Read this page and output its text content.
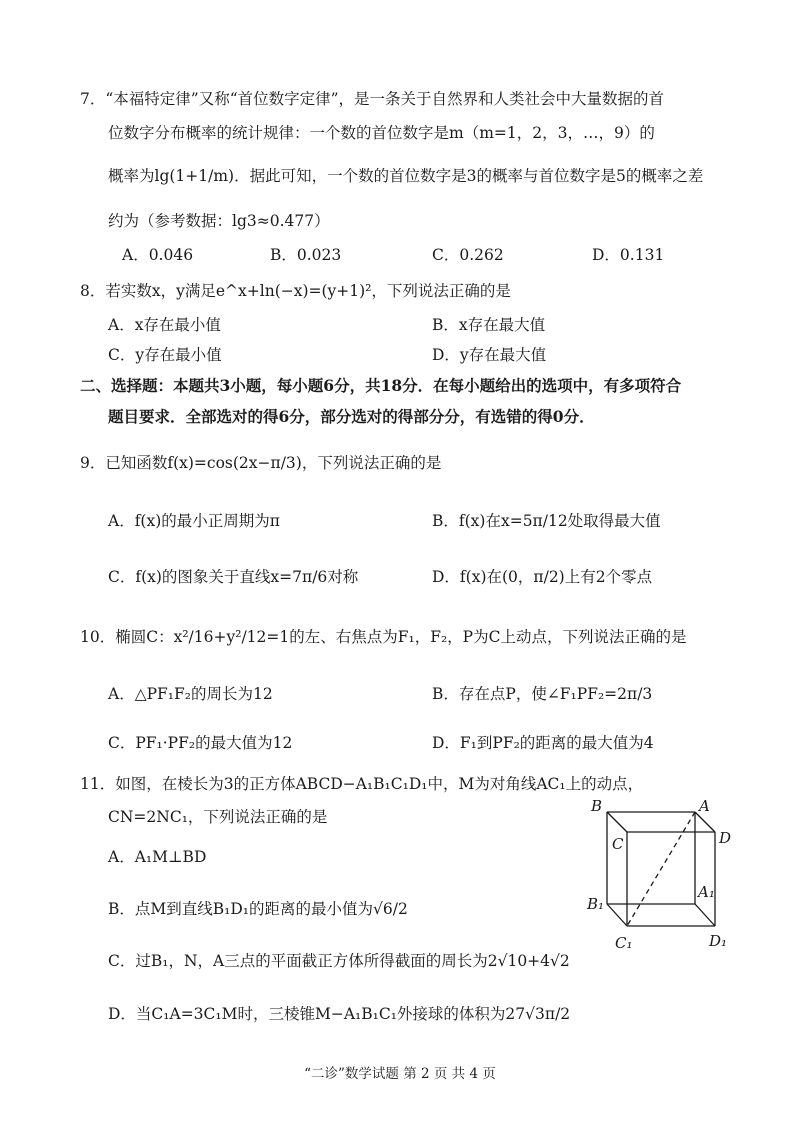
7．“本福特定律”又称“首位数字定律”，是一条关于自然界和人类社会中大量数据的首
位数字分布概率的统计规律：一个数的首位数字是m（m=1，2，3，…，9）的
概率为lg(1+1/m)．据此可知，一个数的首位数字是3的概率与首位数字是5的概率之差
约为（参考数据：lg3≈0.477）
A．0.046	B．0.023	C．0.262	D．0.131
8．若实数x，y满足e^x+ln(−x)=(y+1)²，下列说法正确的是
A．x存在最小值	B．x存在最大值
C．y存在最小值	D．y存在最大值
二、选择题：本题共3小题，每小题6分，共18分．在每小题给出的选项中，有多项符合
题目要求．全部选对的得6分，部分选对的得部分分，有选错的得0分．
9．已知函数f(x)=cos(2x−π/3)，下列说法正确的是
A．f(x)的最小正周期为π	B．f(x)在x=5π/12处取得最大值
C．f(x)的图象关于直线x=7π/6对称	D．f(x)在(0，π/2)上有2个零点
10．椭圆C：x²/16+y²/12=1的左、右焦点为F₁，F₂，P为C上动点，下列说法正确的是
A．△PF₁F₂的周长为12	B．存在点P，使∠F₁PF₂=2π/3
C．PF₁·PF₂的最大值为12	D．F₁到PF₂的距离的最大值为4
11．如图，在棱长为3的正方体ABCD−A₁B₁C₁D₁中，M为对角线AC₁上的动点，
CN=2NC₁，下列说法正确的是
A．A₁M⊥BD
B．点M到直线B₁D₁的距离的最小值为√6/2
C．过B₁，N，A三点的平面截正方体所得截面的周长为2√10+4√2
D．当C₁A=3C₁M时，三棱锥M−A₁B₁C₁外接球的体积为27√3π/2
B	A
C	D
B₁
A₁
C₁	D₁
“二诊”数学试题 第 2 页 共 4 页
